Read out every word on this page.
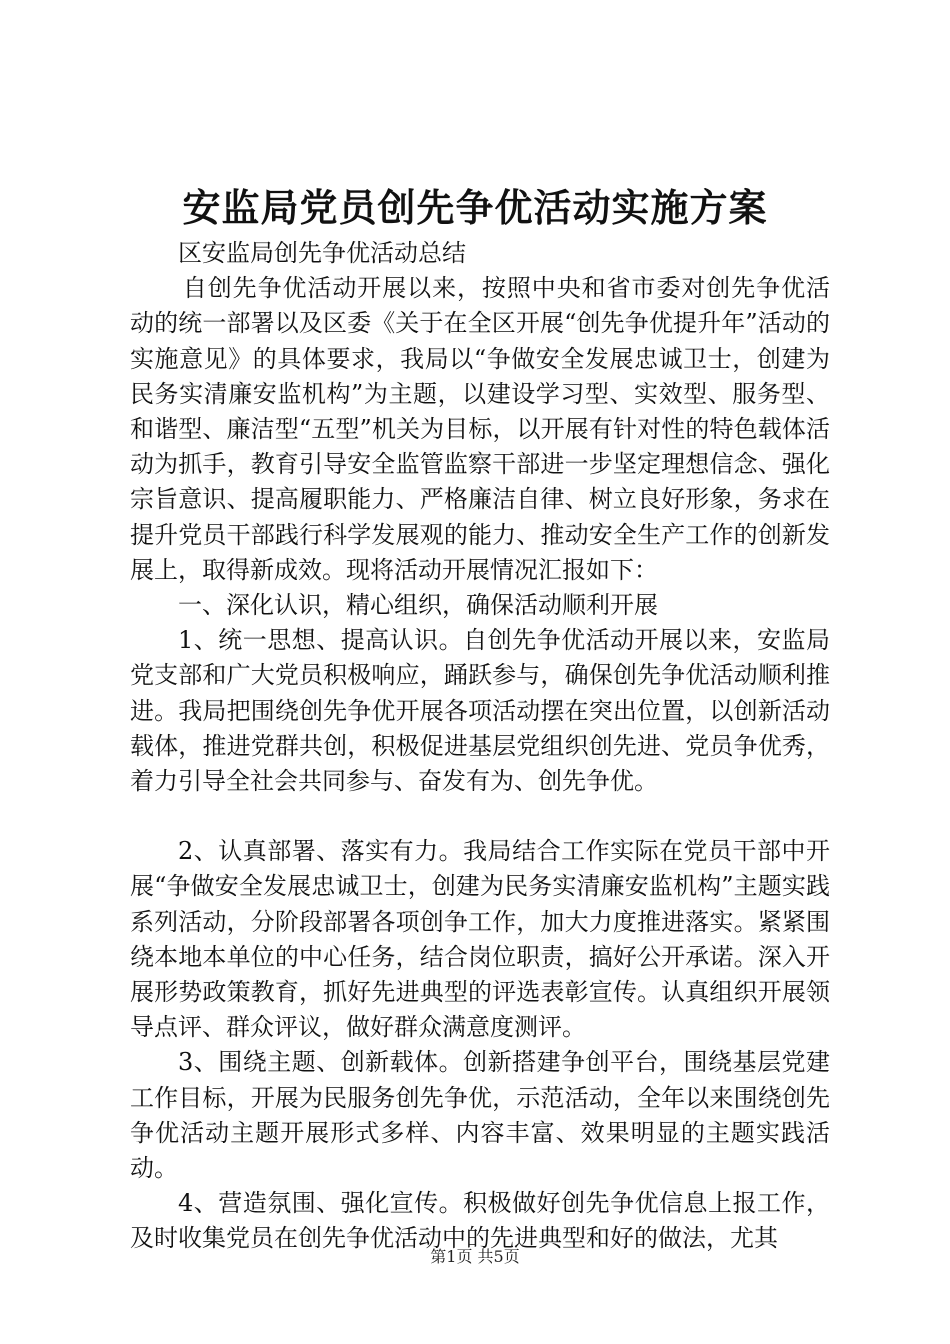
安监局党员创先争优活动实施方案

区安监局创先争优活动总结

自创先争优活动开展以来，按照中央和省市委对创先争优活动的统一部署以及区委《关于在全区开展“创先争优提升年”活动的实施意见》的具体要求，我局以“争做安全发展忠诚卫士，创建为民务实清廉安监机构”为主题，以建设学习型、实效型、服务型、和谐型、廉洁型“五型”机关为目标，以开展有针对性的特色载体活动为抓手，教育引导安全监管监察干部进一步坚定理想信念、强化宗旨意识、提高履职能力、严格廉洁自律、树立良好形象，务求在提升党员干部践行科学发展观的能力、推动安全生产工作的创新发展上，取得新成效。现将活动开展情况汇报如下：

一、深化认识，精心组织，确保活动顺利开展

1、统一思想、提高认识。自创先争优活动开展以来，安监局党支部和广大党员积极响应，踊跃参与，确保创先争优活动顺利推进。我局把围绕创先争优开展各项活动摆在突出位置，以创新活动载体，推进党群共创，积极促进基层党组织创先进、党员争优秀，着力引导全社会共同参与、奋发有为、创先争优。

2、认真部署、落实有力。我局结合工作实际在党员干部中开展“争做安全发展忠诚卫士，创建为民务实清廉安监机构”主题实践系列活动，分阶段部署各项创争工作，加大力度推进落实。紧紧围绕本地本单位的中心任务，结合岗位职责，搞好公开承诺。深入开展形势政策教育，抓好先进典型的评选表彰宣传。认真组织开展领导点评、群众评议，做好群众满意度测评。

3、围绕主题、创新载体。创新搭建争创平台，围绕基层党建工作目标，开展为民服务创先争优，示范活动，全年以来围绕创先争优活动主题开展形式多样、内容丰富、效果明显的主题实践活动。

4、营造氛围、强化宣传。积极做好创先争优信息上报工作，及时收集党员在创先争优活动中的先进典型和好的做法，尤其

第1页 共5页
